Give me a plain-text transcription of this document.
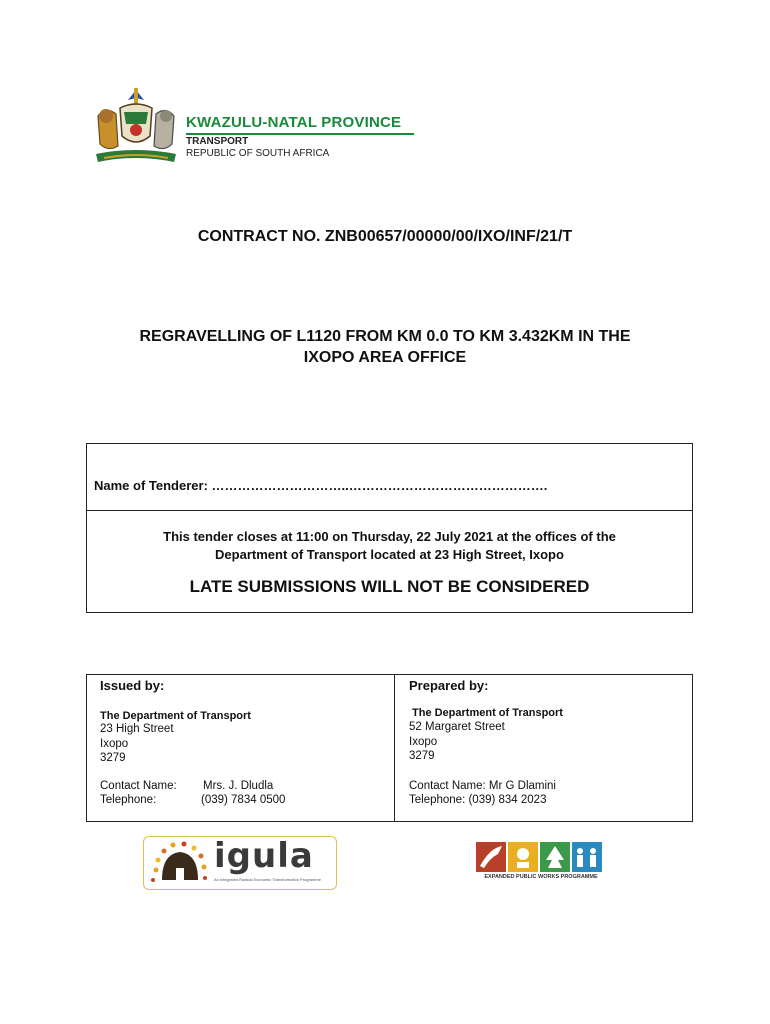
KWAZULU-NATAL PROVINCE
TRANSPORT
REPUBLIC OF SOUTH AFRICA
CONTRACT NO. ZNB00657/00000/00/IXO/INF/21/T
REGRAVELLING OF L1120 FROM KM 0.0 TO KM 3.432KM IN THE
IXOPO AREA OFFICE
Name of Tenderer: …………………………..……………………………………….
This tender closes at 11:00 on Thursday, 22 July 2021 at the offices of the
Department of Transport located at 23 High Street, Ixopo
LATE SUBMISSIONS WILL NOT BE CONSIDERED
Issued by:
The Department of Transport
23 High Street
Ixopo
3279
Contact Name: Mrs. J. Dludla
Telephone:	(039) 7834 0500
Prepared by:
The Department of Transport
52 Margaret Street
Ixopo
3279
Contact Name: Mr G Dlamini
Telephone: (039) 834 2023
igula
An Integrated Radical Economic Transformation Programme	EXPANDED PUBLIC WORKS PROGRAMME
